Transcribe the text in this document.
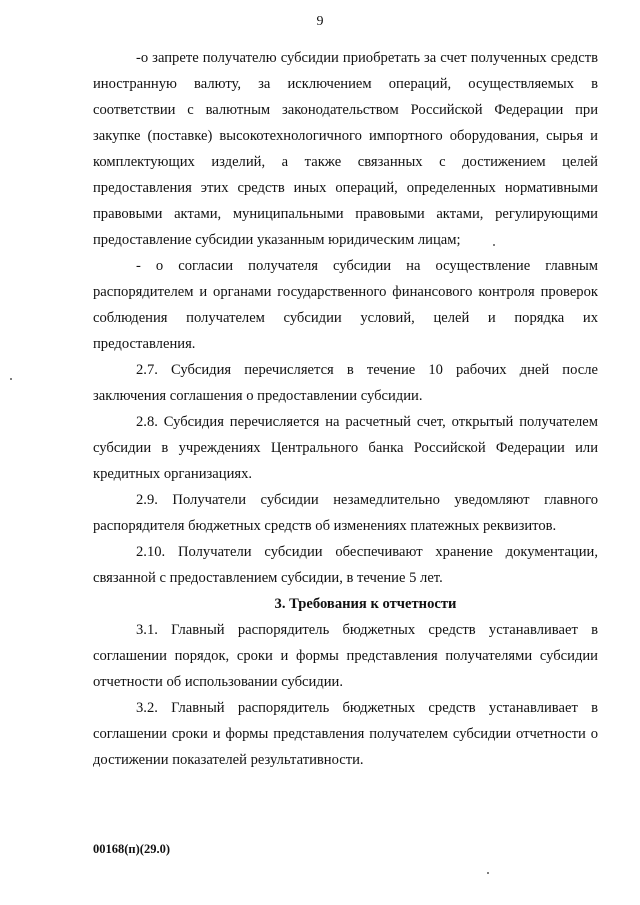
9

-о запрете получателю субсидии приобретать за счет полученных средств иностранную валюту, за исключением операций, осуществляемых в соответствии с валютным законодательством Российской Федерации при закупке (поставке) высокотехнологичного импортного оборудования, сырья и комплектующих изделий, а также связанных с достижением целей предоставления этих средств иных операций, определенных нормативными правовыми актами, муниципальными правовыми актами, регулирующими предоставление субсидии указанным юридическим лицам;

- о согласии получателя субсидии на осуществление главным распорядителем и органами государственного финансового контроля проверок соблюдения получателем субсидии условий, целей и порядка их предоставления.

2.7. Субсидия перечисляется в течение 10 рабочих дней после заключения соглашения о предоставлении субсидии.

2.8. Субсидия перечисляется на расчетный счет, открытый получателем субсидии в учреждениях Центрального банка Российской Федерации или кредитных организациях.

2.9. Получатели субсидии незамедлительно уведомляют главного распорядителя бюджетных средств об изменениях платежных реквизитов.

2.10. Получатели субсидии обеспечивают хранение документации, связанной с предоставлением субсидии, в течение 5 лет.

3. Требования к отчетности

3.1. Главный распорядитель бюджетных средств устанавливает в соглашении порядок, сроки и формы представления получателями субсидии отчетности об использовании субсидии.

3.2. Главный распорядитель бюджетных средств устанавливает в соглашении сроки и формы представления получателем субсидии отчетности о достижении показателей результативности.

00168(п)(29.0)
